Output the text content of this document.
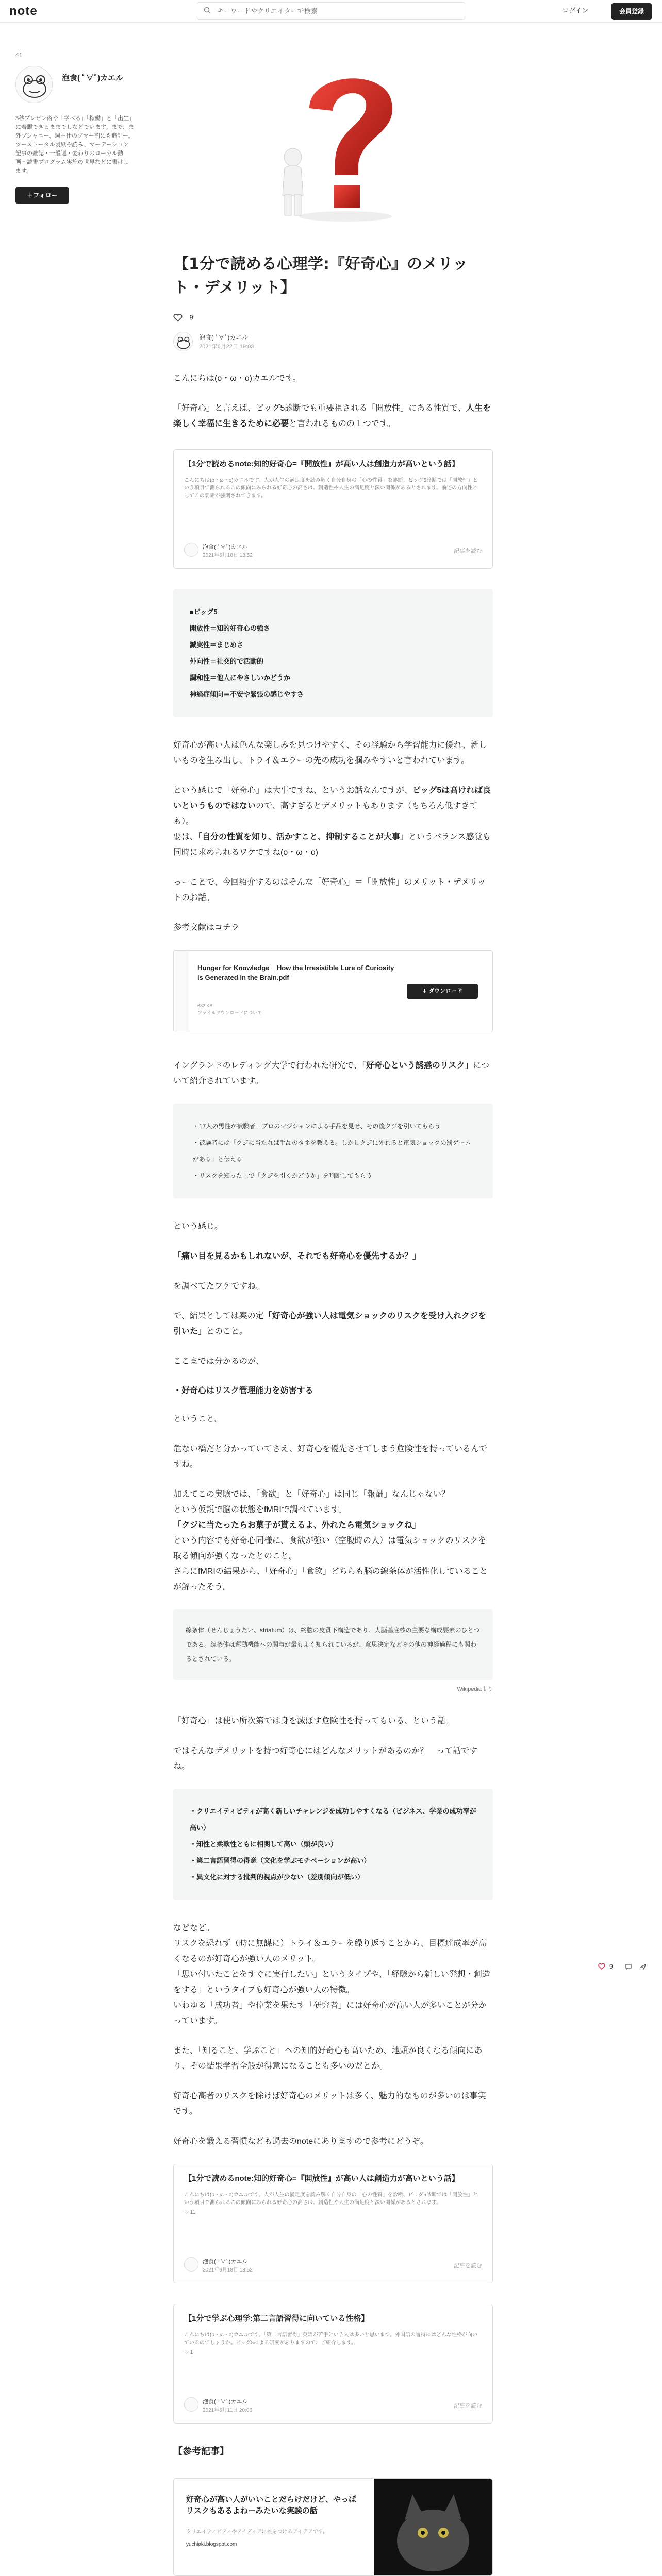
note
キーワードやクリエイターで検索	ログイン	会員登録
41
泡食( ﾟ∀ﾟ)カエル
3秒プレゼン術や「学べる」「稼働」と「出生」に着眼できるままでしなどでいます。まで、ま外ブシャニー、週中仕のプマー割にも追記ー。ツーストータル製紙や読み、マーデーション記事の雑誌・一般連・変わりのローカル動画・読書プログラム実施の世界などに書けします。
＋フォロー
9
【1分で読める心理学:『好奇心』のメリット・デメリット】
9
泡食( ﾟ∀ﾟ)カエル
2021年6月22日 19:03

こんにちは(o・ω・o)カエルです。

「好奇心」と言えば、ビッグ5診断でも重要視される「開放性」にある性質で、人生を楽しく幸福に生きるために必要と言われるものの１つです。

【1分で読めるnote:知的好奇心=『開放性』が高い人は創造力が高いという話】
こんにちは(o・ω・o)カエルです。人が人生の満足度を読み解く自分自身の「心の性質」を診断、ビッグ5診断では「開放性」という項目で測られるこの傾向にみられる好奇心の高さは、創造性や人生の満足度と深い関係があるとされます。前述の方向性としてこの要素が強調されてきます。
泡食( ﾟ∀ﾟ)カエル
2021年6月18日 18:52
記事を読む
■ビッグ5
開放性＝知的好奇心の強さ
誠実性＝まじめさ
外向性＝社交的で活動的
調和性＝他人にやさしいかどうか
神経症傾向＝不安や緊張の感じやすさ

好奇心が高い人は色んな楽しみを見つけやすく、その経験から学習能力に優れ、新しいものを生み出し、トライ＆エラーの先の成功を掴みやすいと言われています。

という感じで「好奇心」は大事ですね、というお話なんですが、ビッグ5は高ければ良いというものではないので、高すぎるとデメリットもあります（もちろん低すぎても）。
要は、「自分の性質を知り、活かすこと、抑制することが大事」というバランス感覚も同時に求められるワケですね(o・ω・o)

っーことで、今回紹介するのはそんな「好奇心」＝「開放性」のメリット・デメリットのお話。

参考文献はコチラ

Hunger for Knowledge _ How the Irresistible Lure of Curiosity is Generated in the Brain.pdf
632 KB
ファイルダウンロードについて
⬇ ダウンロード

イングランドのレディング大学で行われた研究で、「好奇心という誘惑のリスク」について紹介されています。

・17人の男性が被験者。プロのマジシャンによる手品を見せ、その後クジを引いてもらう
・被験者には「クジに当たれば手品のタネを教える。しかしクジに外れると電気ショックの罰ゲームがある」と伝える
・リスクを知った上で「クジを引くかどうか」を判断してもらう

という感じ。

「痛い目を見るかもしれないが、それでも好奇心を優先するか？」

を調べてたワケですね。

で、結果としては案の定「好奇心が強い人は電気ショックのリスクを受け入れクジを引いた」とのこと。

ここまでは分かるのが、

・好奇心はリスク管理能力を妨害する

ということ。

危ない橋だと分かっていてさえ、好奇心を優先させてしまう危険性を持っているんですね。

加えてこの実験では、「食欲」と「好奇心」は同じ「報酬」なんじゃない？
という仮説で脳の状態をfMRIで調べています。
「クジに当たったらお菓子が貰えるよ、外れたら電気ショックね」
という内容でも好奇心同様に、食欲が強い（空腹時の人）は電気ショックのリスクを取る傾向が強くなったとのこと。
さらにfMRIの結果から、「好奇心」「食欲」どちらも脳の線条体が活性化していることが解ったそう。

線条体（せんじょうたい、striatum）は、終脳の皮質下構造であり、大脳基底核の主要な構成要素のひとつである。線条体は運動機能への関与が最もよく知られているが、意思決定などその他の神経過程にも関わるとされている。
Wikipediaより

「好奇心」は使い所次第では身を滅ぼす危険性を持ってもいる、という話。

ではそんなデメリットを持つ好奇心にはどんなメリットがあるのか？　って話ですね。

・クリエイティビティが高く新しいチャレンジを成功しやすくなる（ビジネス、学業の成功率が高い）
・知性と柔軟性ともに相関して高い（頭が良い）
・第二言語習得の得意（文化を学ぶモチベーションが高い）
・異文化に対する批判的視点が少ない（差別傾向が低い）

などなど。
リスクを恐れず（時に無謀に）トライ＆エラーを繰り返すことから、目標達成率が高くなるのが好奇心が強い人のメリット。
「思い付いたことをすぐに実行したい」というタイプや、「経験から新しい発想・創造をする」というタイプも好奇心が強い人の特徴。
いわゆる「成功者」や偉業を果たす「研究者」には好奇心が高い人が多いことが分かっています。

また、「知ること、学ぶこと」への知的好奇心も高いため、地頭が良くなる傾向にあり、その結果学習全般が得意になることも多いのだとか。

好奇心高者のリスクを除けば好奇心のメリットは多く、魅力的なものが多いのは事実です。

好奇心を鍛える習慣なども過去のnoteにありますので参考にどうぞ。

【1分で読めるnote:知的好奇心=『開放性』が高い人は創造力が高いという話】
こんにちは(o・ω・o)カエルです。人が人生の満足度を読み解く自分自身の「心の性質」を診断、ビッグ5診断では「開放性」という項目で測られるこの傾向にみられる好奇心の高さは、創造性や人生の満足度と深い関係があるとされます。
♡ 11
泡食( ﾟ∀ﾟ)カエル
2021年6月18日 18:52
記事を読む
【1分で学ぶ心理学:第二言語習得に向いている性格】
こんにちは(o・ω・o)カエルです。「第二言語習得」英語が苦手という人は多いと思います。外国語の習得にはどんな性格が向いているのでしょうか。ビッグ5による研究がありますので、ご紹介します。
♡ 1
泡食( ﾟ∀ﾟ)カエル
2021年6月11日 20:06
記事を読む
【参考記事】
好奇心が高い人がいいことだらけだけど、やっぱリスクもあるよねーみたいな実験の話
クリエイティビティやアイディアに差をつけるアイデアです。
yuchiaki.blogspot.com
